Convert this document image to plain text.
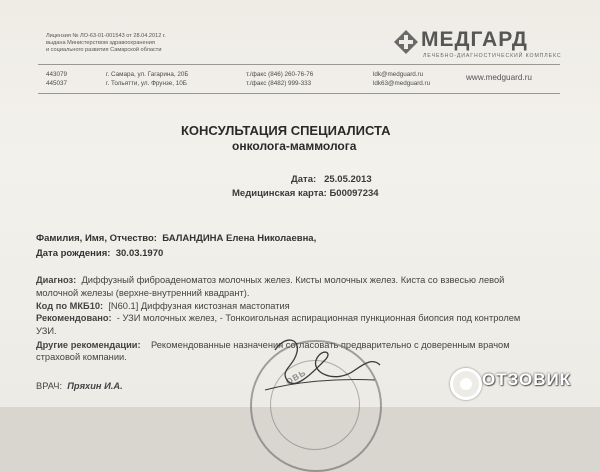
Лицензия № ЛО-63-01-001543 от 28.04.2012 г.
выдана Министерством здравоохранения
и социального развития Самарской области	МЕДГАРД
ЛЕЧЕБНО-ДИАГНОСТИЧЕСКИЙ КОМПЛЕКС
443079	г. Самара, ул. Гагарина, 20Б	т./факс (846) 260-76-76	ldk@medguard.ru
445037	г. Тольятти, ул. Фрунзе, 10Б	т./факс (8482) 999-333	ldk63@medguard.ru
www.medguard.ru
КОНСУЛЬТАЦИЯ СПЕЦИАЛИСТА
онколога-маммолога
Дата: 25.05.2013
Медицинская карта: Б00097234
Фамилия, Имя, Отчество: БАЛАНДИНА Елена Николаевна,
Дата рождения: 30.03.1970
Диагноз: Диффузный фиброаденоматоз молочных желез. Кисты молочных желез. Киста со взвесью левой
молочной железы (верхне-внутренний квадрант).
Код по МКБ10: [N60.1] Диффузная кистозная мастопатия
Рекомендовано: - УЗИ молочных желез, - Тонкоигольная аспирационная пункционная биопсия под контролем
УЗИ.
Другие рекомендации: Рекомендованные назначения согласовать предварительно с доверенным врачом
страховой компании.
ОВЬ
ВРАЧ: Пряхин И.А.	ОТЗОВИК
